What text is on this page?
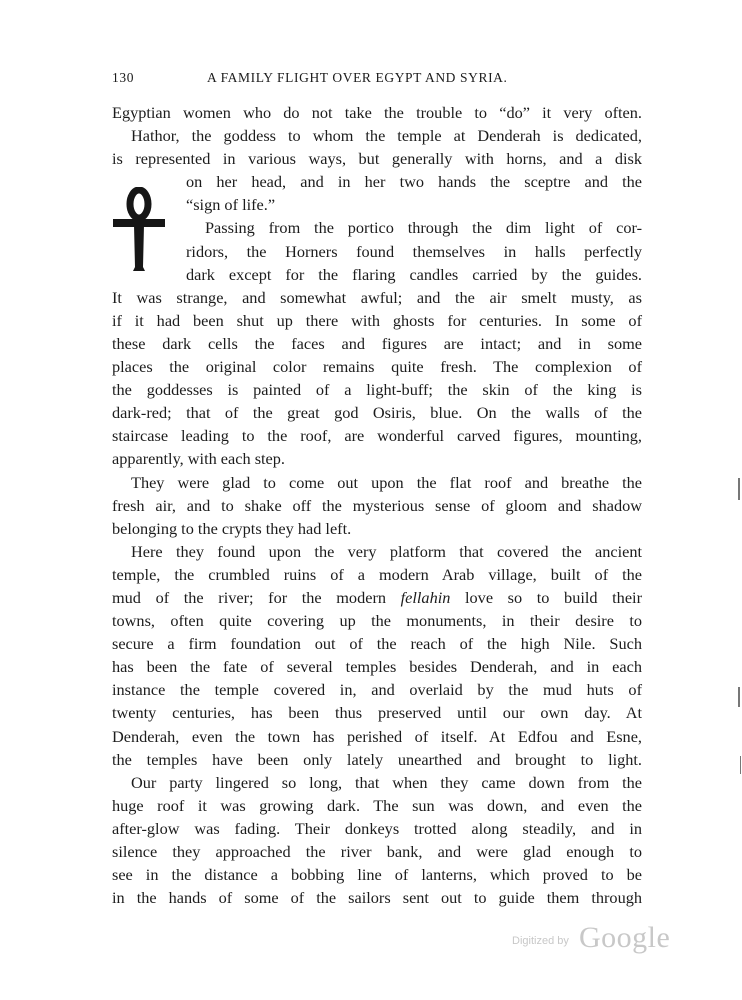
130	A FAMILY FLIGHT OVER EGYPT AND SYRIA.
Egyptian women who do not take the trouble to “do” it very often.
Hathor, the goddess to whom the temple at Denderah is dedicated,
is represented in various ways, but generally with horns, and a disk
on her head, and in her two hands the sceptre and the
“sign of life.”
Passing from the portico through the dim light of cor-
ridors, the Horners found themselves in halls perfectly
dark except for the flaring candles carried by the guides.
It was strange, and somewhat awful; and the air smelt musty, as
if it had been shut up there with ghosts for centuries. In some of
these dark cells the faces and figures are intact; and in some
places the original color remains quite fresh. The complexion of
the goddesses is painted of a light-buff; the skin of the king is
dark-red; that of the great god Osiris, blue. On the walls of the
staircase leading to the roof, are wonderful carved figures, mounting,
apparently, with each step.
They were glad to come out upon the flat roof and breathe the
fresh air, and to shake off the mysterious sense of gloom and shadow
belonging to the crypts they had left.
Here they found upon the very platform that covered the ancient
temple, the crumbled ruins of a modern Arab village, built of the
mud of the river; for the modern fellahin love so to build their
towns, often quite covering up the monuments, in their desire to
secure a firm foundation out of the reach of the high Nile. Such
has been the fate of several temples besides Denderah, and in each
instance the temple covered in, and overlaid by the mud huts of
twenty centuries, has been thus preserved until our own day. At
Denderah, even the town has perished of itself. At Edfou and Esne,
the temples have been only lately unearthed and brought to light.
Our party lingered so long, that when they came down from the
huge roof it was growing dark. The sun was down, and even the
after-glow was fading. Their donkeys trotted along steadily, and in
silence they approached the river bank, and were glad enough to
see in the distance a bobbing line of lanterns, which proved to be
in the hands of some of the sailors sent out to guide them through
Digitized by Google
